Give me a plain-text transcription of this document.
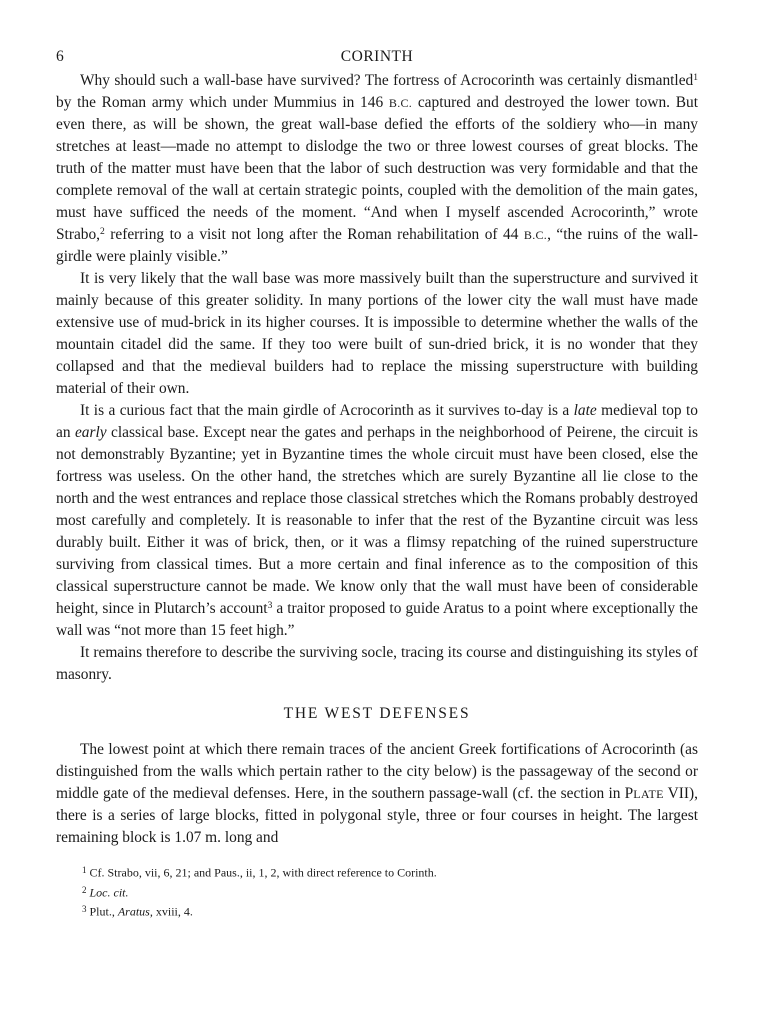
6	CORINTH

Why should such a wall-base have survived? The fortress of Acrocorinth was certainly dismantled$^1$ by the Roman army which under Mummius in 146 B.C. captured and destroyed the lower town. But even there, as will be shown, the great wall-base defied the efforts of the soldiery who—in many stretches at least—made no attempt to dislodge the two or three lowest courses of great blocks. The truth of the matter must have been that the labor of such destruction was very formidable and that the complete removal of the wall at certain strategic points, coupled with the demolition of the main gates, must have sufficed the needs of the moment. “And when I myself ascended Acrocorinth,” wrote Strabo,$^2$ referring to a visit not long after the Roman rehabilitation of 44 B.C., “the ruins of the wall-girdle were plainly visible.”

It is very likely that the wall base was more massively built than the superstructure and survived it mainly because of this greater solidity. In many portions of the lower city the wall must have made extensive use of mud-brick in its higher courses. It is impossible to determine whether the walls of the mountain citadel did the same. If they too were built of sun-dried brick, it is no wonder that they collapsed and that the medieval builders had to replace the missing superstructure with building material of their own.

It is a curious fact that the main girdle of Acrocorinth as it survives to-day is a late medieval top to an early classical base. Except near the gates and perhaps in the neighborhood of Peirene, the circuit is not demonstrably Byzantine; yet in Byzantine times the whole circuit must have been closed, else the fortress was useless. On the other hand, the stretches which are surely Byzantine all lie close to the north and the west entrances and replace those classical stretches which the Romans probably destroyed most carefully and completely. It is reasonable to infer that the rest of the Byzantine circuit was less durably built. Either it was of brick, then, or it was a flimsy repatching of the ruined superstructure surviving from classical times. But a more certain and final inference as to the composition of this classical superstructure cannot be made. We know only that the wall must have been of considerable height, since in Plutarch’s account$^3$ a traitor proposed to guide Aratus to a point where exceptionally the wall was “not more than 15 feet high.”

It remains therefore to describe the surviving socle, tracing its course and distinguishing its styles of masonry.

THE WEST DEFENSES

The lowest point at which there remain traces of the ancient Greek fortifications of Acrocorinth (as distinguished from the walls which pertain rather to the city below) is the passageway of the second or middle gate of the medieval defenses. Here, in the southern passage-wall (cf. the section in PLATE VII), there is a series of large blocks, fitted in polygonal style, three or four courses in height. The largest remaining block is 1.07 m. long and

$^1$ Cf. Strabo, vii, 6, 21; and Paus., ii, 1, 2, with direct reference to Corinth.
$^2$ Loc. cit.
$^3$ Plut., Aratus, xviii, 4.
